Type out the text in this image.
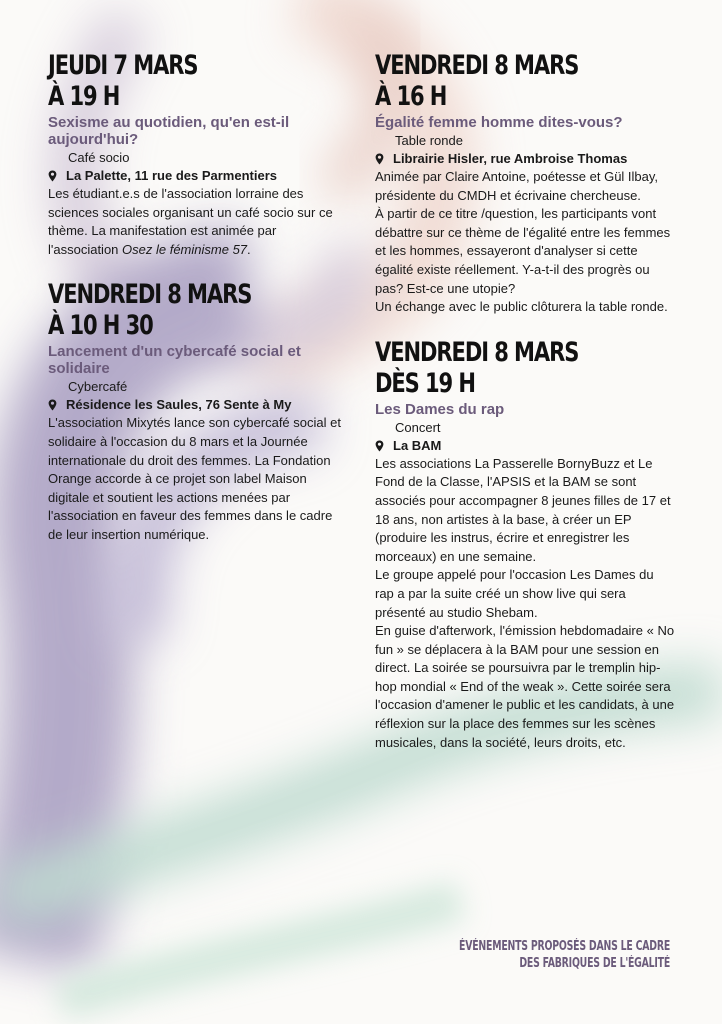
JEUDI 7 MARS
À 19 H
Sexisme au quotidien, qu'en est-il aujourd'hui?
Café socio
La Palette, 11 rue des Parmentiers
Les étudiant.e.s de l'association lorraine des sciences sociales organisant un café socio sur ce thème. La manifestation est animée par l'association Osez le féminisme 57.
VENDREDI 8 MARS
À 10 H 30
Lancement d'un cybercafé social et solidaire
Cybercafé
Résidence les Saules, 76 Sente à My
L'association Mixytés lance son cybercafé social et solidaire à l'occasion du 8 mars et la Journée internationale du droit des femmes. La Fondation Orange accorde à ce projet son label Maison digitale et soutient les actions menées par l'association en faveur des femmes dans le cadre de leur insertion numérique.
VENDREDI 8 MARS
À 16 H
Égalité femme homme dites-vous?
Table ronde
Librairie Hisler, rue Ambroise Thomas

Animée par Claire Antoine, poétesse et Gül Ilbay, présidente du CMDH et écrivaine chercheuse.

À partir de ce titre /question, les participants vont débattre sur ce thème de l'égalité entre les femmes et les hommes, essayeront d'analyser si cette égalité existe réellement. Y-a-t-il des progrès ou pas? Est-ce une utopie?

Un échange avec le public clôturera la table ronde.

VENDREDI 8 MARS
DÈS 19 H
Les Dames du rap
Concert
La BAM

Les associations La Passerelle BornyBuzz et Le Fond de la Classe, l'APSIS et la BAM se sont associés pour accompagner 8 jeunes filles de 17 et 18 ans, non artistes à la base, à créer un EP (produire les instrus, écrire et enregistrer les morceaux) en une semaine.

Le groupe appelé pour l'occasion Les Dames du rap a par la suite créé un show live qui sera présenté au studio Shebam.

En guise d'afterwork, l'émission hebdomadaire « No fun » se déplacera à la BAM pour une session en direct. La soirée se poursuivra par le tremplin hip-hop mondial « End of the weak ». Cette soirée sera l'occasion d'amener le public et les candidats, à une réflexion sur la place des femmes sur les scènes musicales, dans la société, leurs droits, etc.

ÉVÉNEMENTS PROPOSÉS DANS LE CADRE
DES FABRIQUES DE L'ÉGALITÉ
